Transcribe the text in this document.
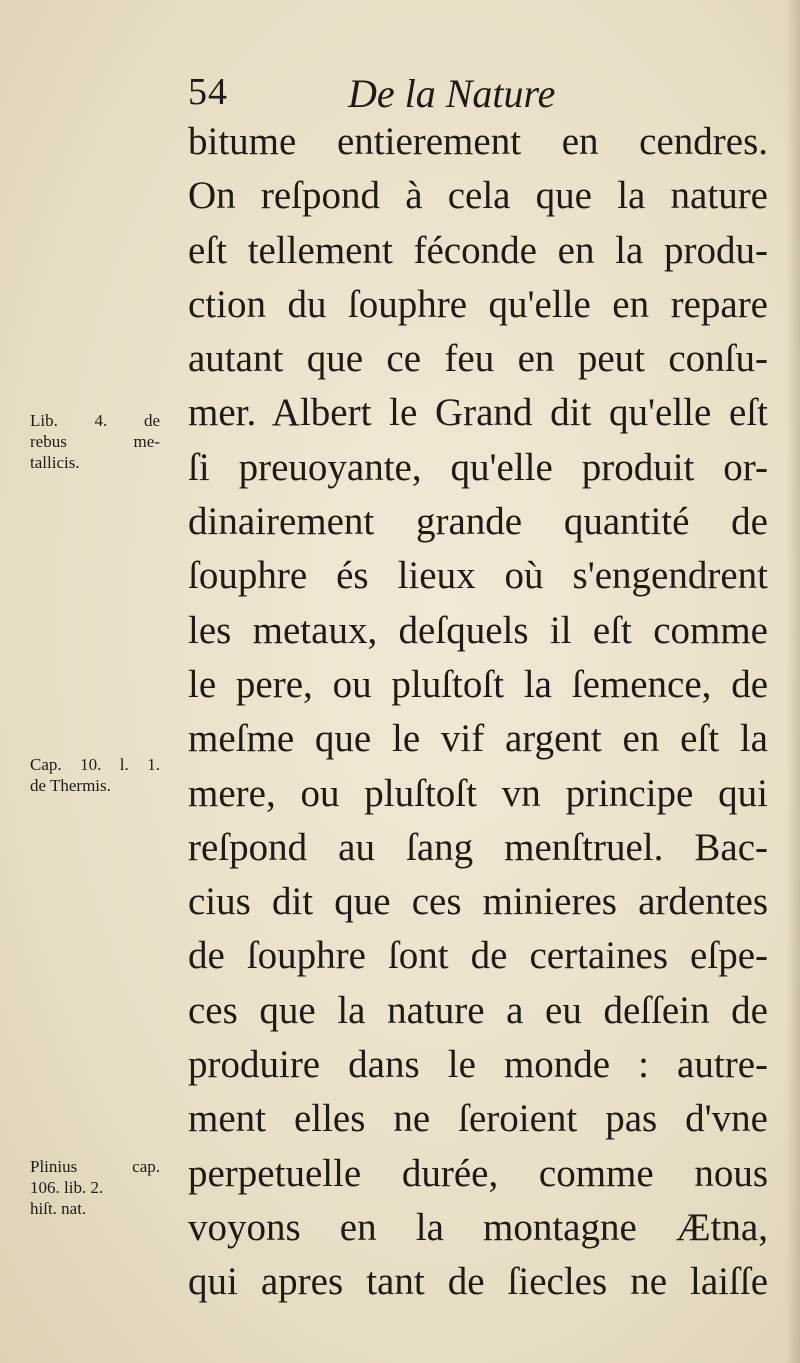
54	De la Nature
bitume entierement en cendres.
On reſpond à cela que la nature
eſt tellement féconde en la produ-
ction du ſouphre qu'elle en repare
autant que ce feu en peut conſu-
mer. Albert le Grand dit qu'elle eſt
ſi preuoyante, qu'elle produit or-
dinairement grande quantité de
ſouphre és lieux où s'engendrent
les metaux, deſquels il eſt comme
le pere, ou pluſtoſt la ſemence, de
meſme que le vif argent en eſt la
mere, ou pluſtoſt vn principe qui
reſpond au ſang menſtruel. Bac-
cius dit que ces minieres ardentes
de ſouphre ſont de certaines eſpe-
ces que la nature a eu deſſein de
produire dans le monde : autre-
ment elles ne ſeroient pas d'vne
perpetuelle durée, comme nous
voyons en la montagne Ætna,
qui apres tant de ſiecles ne laiſſe
Lib. 4. de
rebus me-
tallicis.
Cap. 10. l. 1.
de Thermis.
Plinius cap.
106. lib. 2.
hiſt. nat.
